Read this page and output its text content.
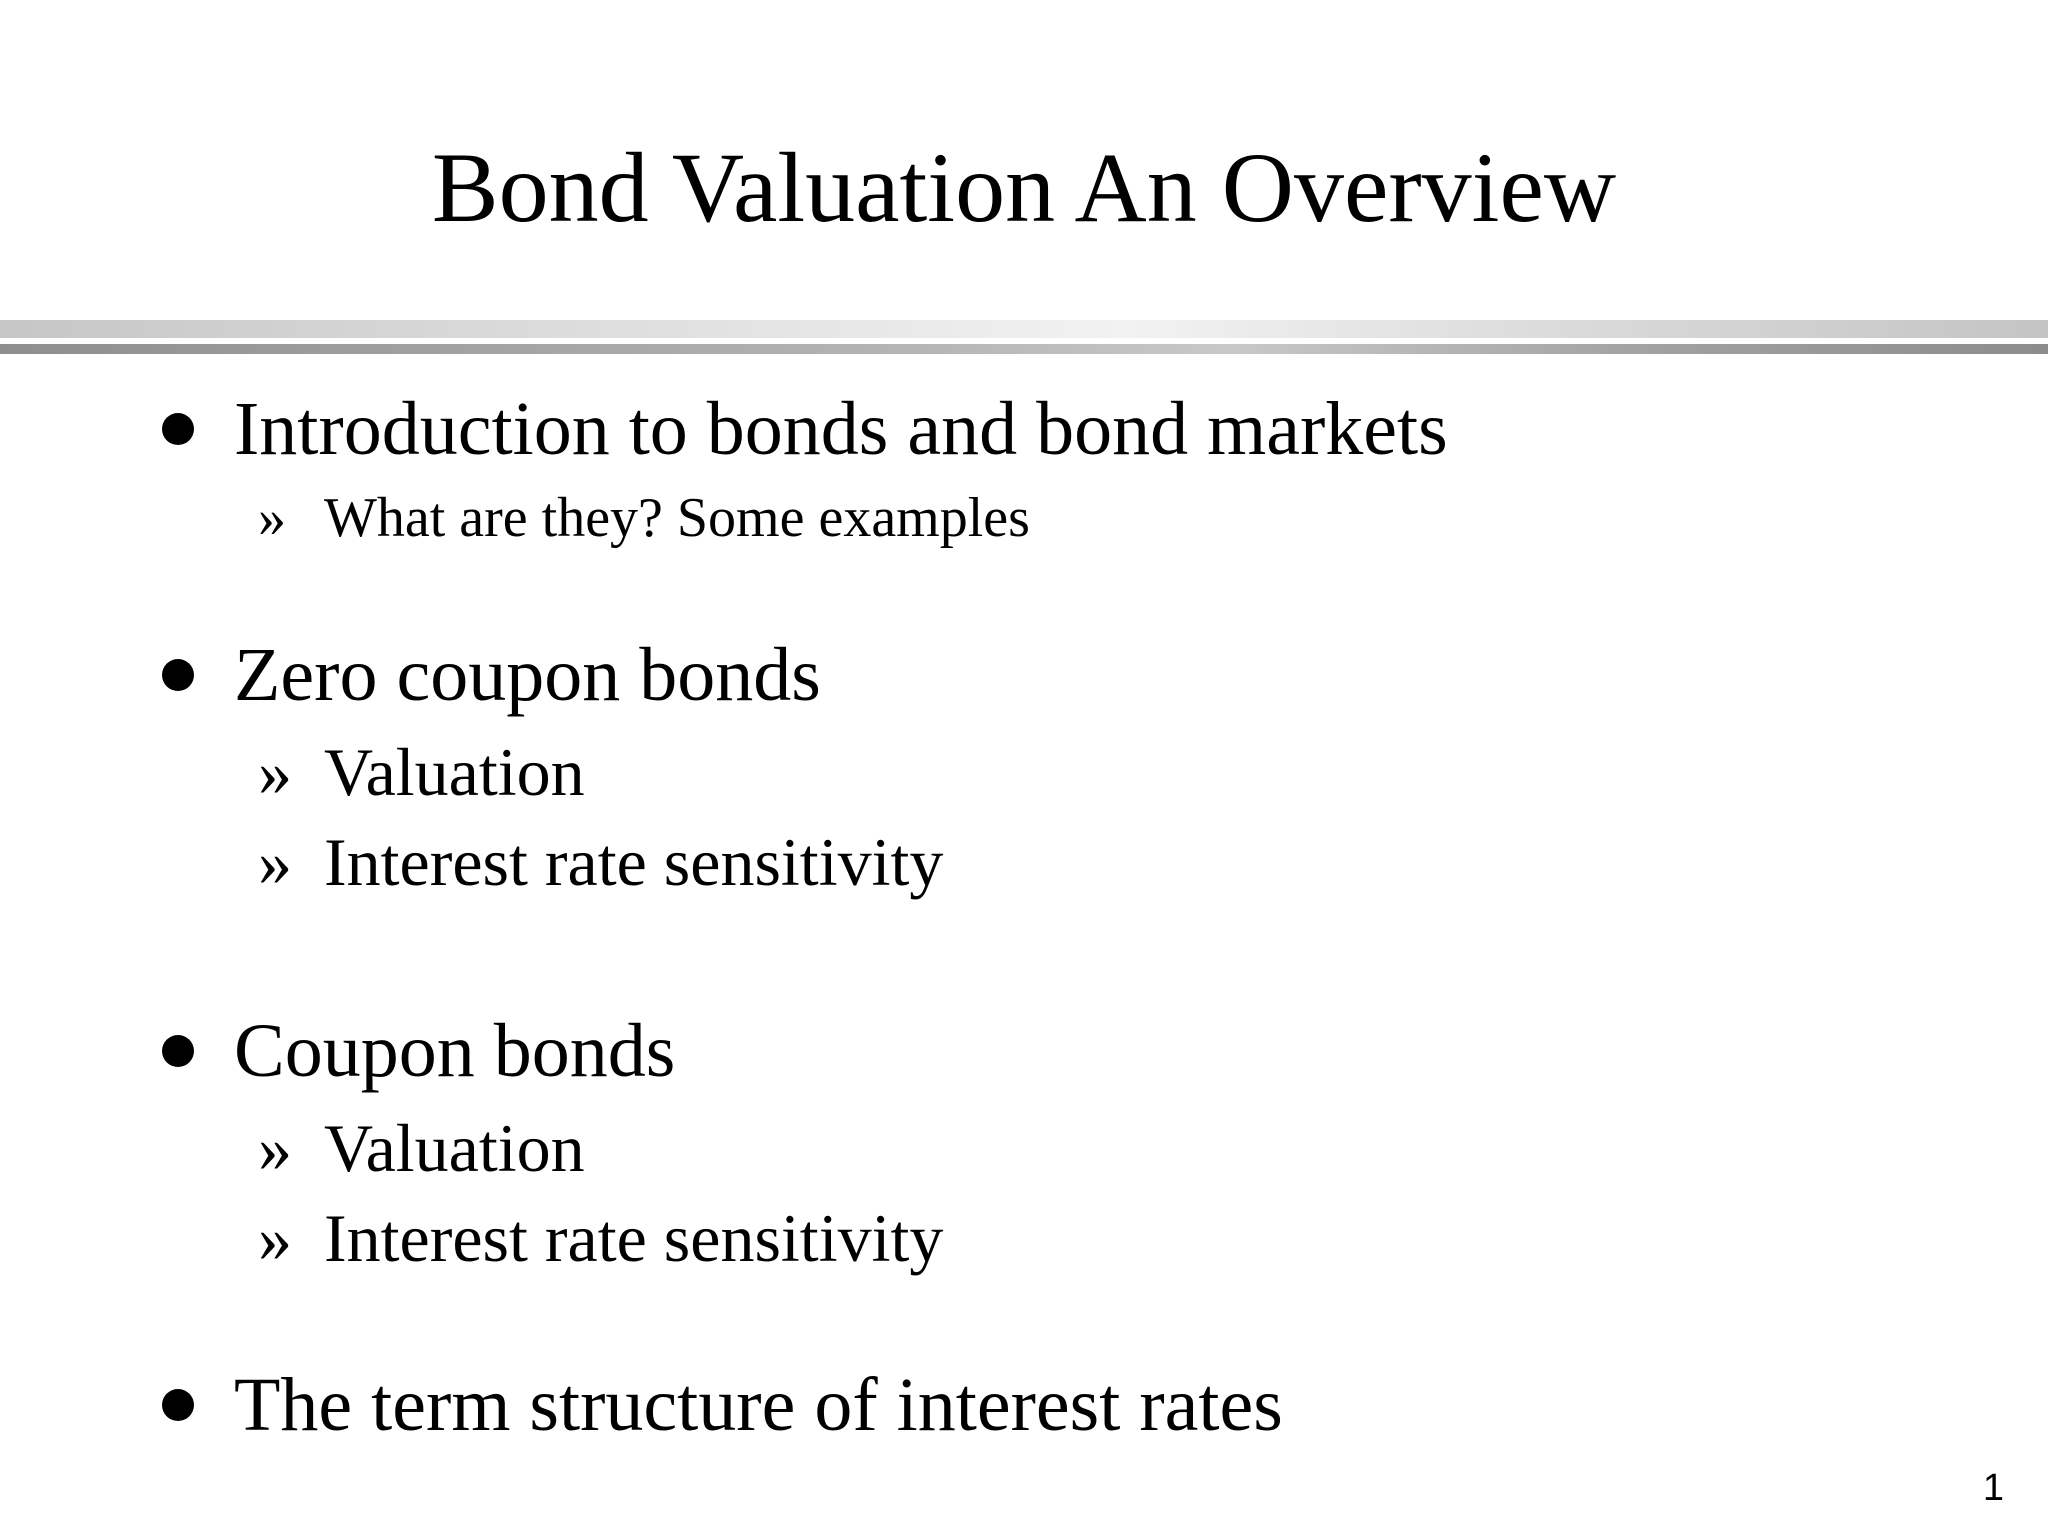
Bond Valuation An Overview
Introduction to bonds and bond markets
» What are they? Some examples
Zero coupon bonds
» Valuation
» Interest rate sensitivity
Coupon bonds
» Valuation
» Interest rate sensitivity
The term structure of interest rates
1
